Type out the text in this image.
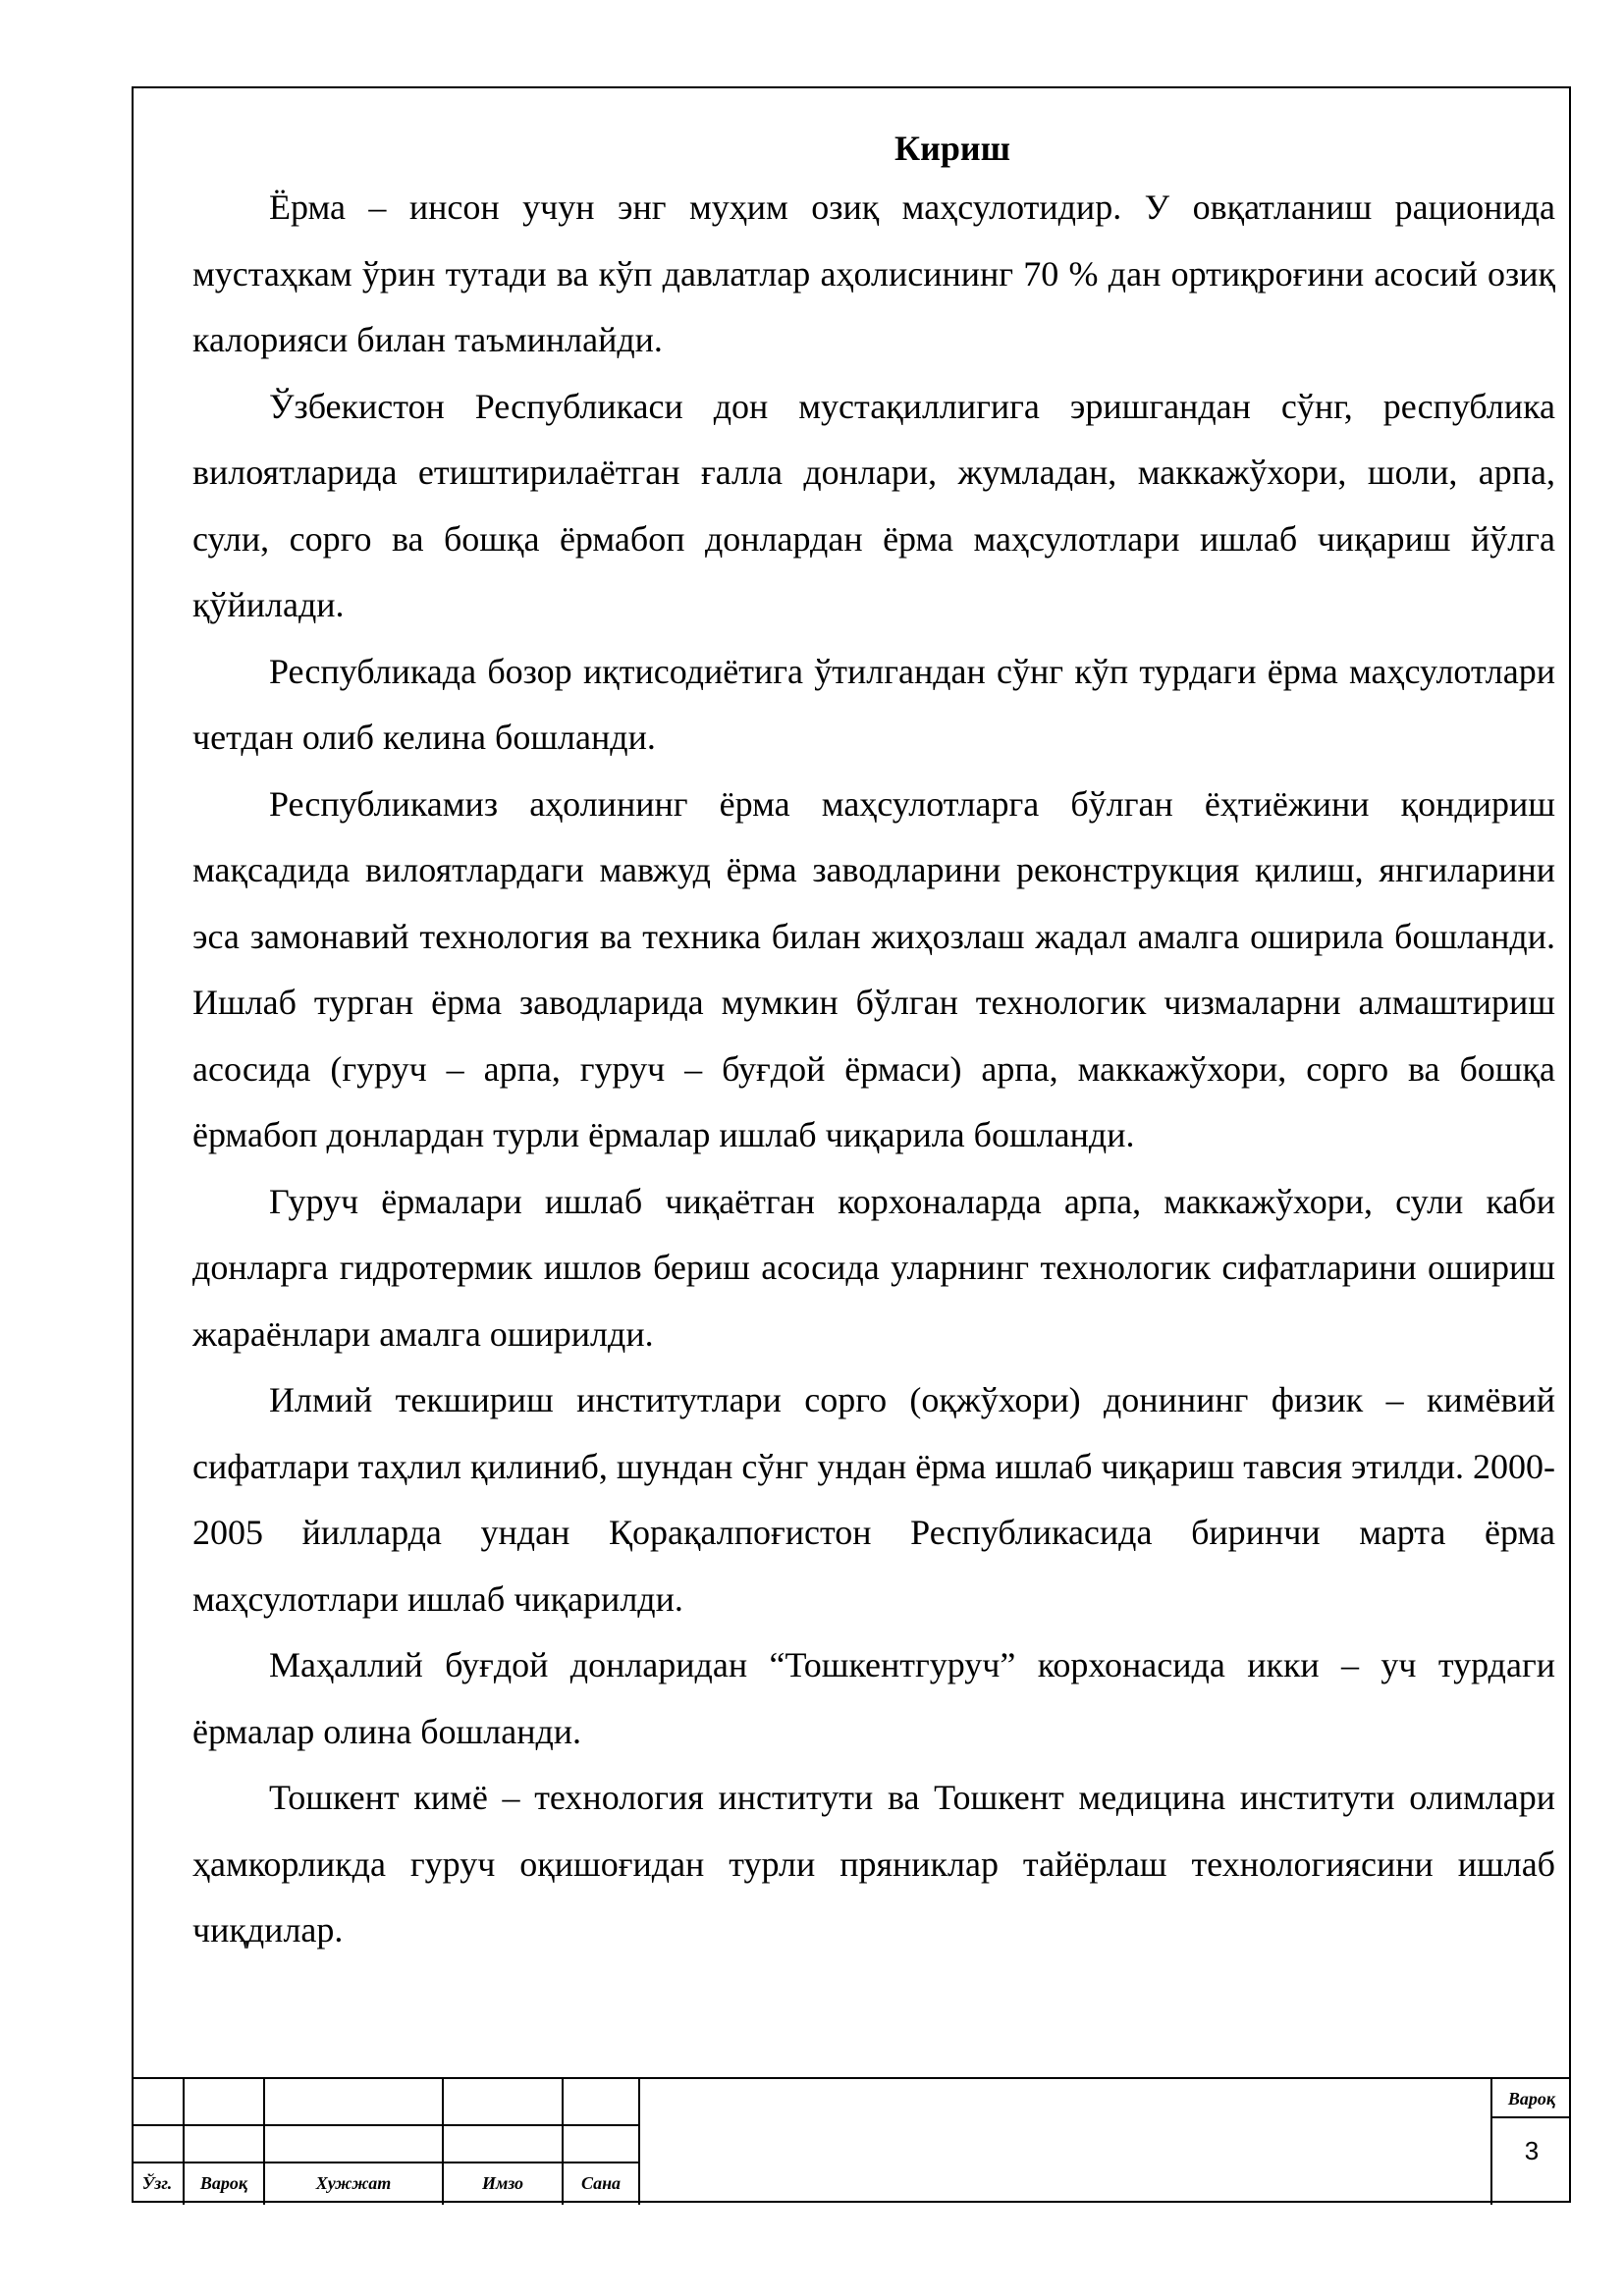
Кириш

Ёрма – инсон учун энг муҳим озиқ маҳсулотидир. У овқатланиш рационида мустаҳкам ўрин тутади ва кўп давлатлар аҳолисининг 70 % дан ортиқроғини асосий озиқ калорияси билан таъминлайди.

Ўзбекистон Республикаси дон мустақиллигига эришгандан сўнг, республика вилоятларида етиштирилаётган ғалла донлари, жумладан, маккажўхори, шоли, арпа, сули, сорго ва бошқа ёрмабоп донлардан ёрма маҳсулотлари ишлаб чиқариш йўлга қўйилади.

Республикада бозор иқтисодиётига ўтилгандан сўнг кўп турдаги ёрма маҳсулотлари четдан олиб келина бошланди.

Республикамиз аҳолининг ёрма маҳсулотларга бўлган ёҳтиёжини қондириш мақсадида вилоятлардаги мавжуд ёрма заводларини реконструкция қилиш, янгиларини эса замонавий технология ва техника билан жиҳозлаш жадал амалга оширила бошланди. Ишлаб турган ёрма заводларида мумкин бўлган технологик чизмаларни алмаштириш асосида (гуруч – арпа, гуруч – буғдой ёрмаси) арпа, маккажўхори, сорго ва бошқа ёрмабоп донлардан турли ёрмалар ишлаб чиқарила бошланди.

Гуруч ёрмалари ишлаб чиқаётган корхоналарда арпа, маккажўхори, сули каби донларга гидротермик ишлов бериш асосида уларнинг технологик сифатларини ошириш жараёнлари амалга оширилди.

Илмий текшириш институтлари сорго (оқжўхори) донининг физик – кимёвий сифатлари таҳлил қилиниб, шундан сўнг ундан ёрма ишлаб чиқариш тавсия этилди. 2000-2005 йилларда ундан Қорақалпоғистон Республикасида биринчи марта ёрма маҳсулотлари ишлаб чиқарилди.

Маҳаллий буғдой донларидан “Тошкентгуруч” корхонасида икки – уч турдаги ёрмалар олина бошланди.

Тошкент кимё – технология институти ва Тошкент медицина институти олимлари ҳамкорликда гуруч оқишоғидан турли пряниклар тайёрлаш технологиясини ишлаб чиқдилар.

Ўзг.	Вароқ	Хужжат	Имзо	Сана
Вароқ
3
